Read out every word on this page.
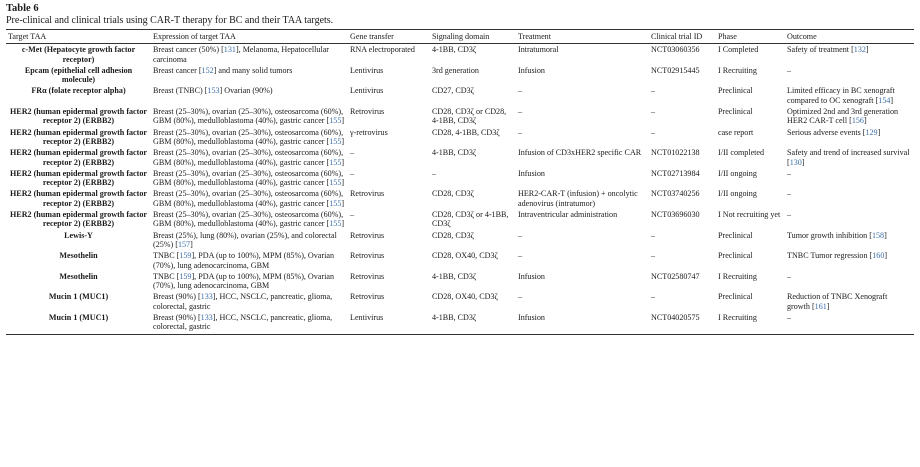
Table 6
Pre-clinical and clinical trials using CAR-T therapy for BC and their TAA targets.
Target TAA	Expression of target TAA	Gene transfer	Signaling domain	Treatment	Clinical trial ID	Phase	Outcome
c-Met (Hepatocyte growth factor receptor)	Breast cancer (50%) [131], Melanoma, Hepatocellular carcinoma	RNA electroporated	4-1BB, CD3ζ	Intratumoral	NCT03060356	I Completed	Safety of treatment [132]
Epcam (epithelial cell adhesion molecule)	Breast cancer [152] and many solid tumors	Lentivirus	3rd generation	Infusion	NCT02915445	I Recruiting	–
FRα (folate receptor alpha)	Breast (TNBC) [153] Ovarian (90%)	Lentivirus	CD27, CD3ζ	–	–	Preclinical	Limited efficacy in BC xenograft compared to OC xenograft [154]
HER2 (human epidermal growth factor receptor 2) (ERBB2)	Breast (25–30%), ovarian (25–30%), osteosarcoma (60%), GBM (80%), medulloblastoma (40%), gastric cancer [155]	Retrovirus	CD28, CD3ζ or CD28, 4-1BB, CD3ζ	–	–	Preclinical	Optimized 2nd and 3rd generation HER2 CAR-T cell [156]
HER2 (human epidermal growth factor receptor 2) (ERBB2)	Breast (25–30%), ovarian (25–30%), osteosarcoma (60%), GBM (80%), medulloblastoma (40%), gastric cancer [155]	γ-retrovirus	CD28, 4-1BB, CD3ζ	–	–	case report	Serious adverse events [129]
HER2 (human epidermal growth factor receptor 2) (ERBB2)	Breast (25–30%), ovarian (25–30%), osteosarcoma (60%), GBM (80%), medulloblastoma (40%), gastric cancer [155]	–	4-1BB, CD3ζ	Infusion of CD3xHER2 specific CAR	NCT01022138	I/II completed	Safety and trend of increased survival [130]
HER2 (human epidermal growth factor receptor 2) (ERBB2)	Breast (25–30%), ovarian (25–30%), osteosarcoma (60%), GBM (80%), medulloblastoma (40%), gastric cancer [155]	–	–	Infusion	NCT02713984	I/II ongoing	–
HER2 (human epidermal growth factor receptor 2) (ERBB2)	Breast (25–30%), ovarian (25–30%), osteosarcoma (60%), GBM (80%), medulloblastoma (40%), gastric cancer [155]	Retrovirus	CD28, CD3ζ	HER2-CAR-T (infusion) + oncolytic adenovirus (intratumor)	NCT03740256	I/II ongoing	–
HER2 (human epidermal growth factor receptor 2) (ERBB2)	Breast (25–30%), ovarian (25–30%), osteosarcoma (60%), GBM (80%), medulloblastoma (40%), gastric cancer [155]	–	CD28, CD3ζ or 4-1BB, CD3ζ	Intraventricular administration	NCT03696030	I Not recruiting yet	–
Lewis-Y	Breast (25%), lung (80%), ovarian (25%), and colorectal (25%) [157]	Retrovirus	CD28, CD3ζ	–	–	Preclinical	Tumor growth inhibition [158]
Mesothelin	TNBC [159], PDA (up to 100%), MPM (85%), Ovarian (70%), lung adenocarcinoma, GBM	Retrovirus	CD28, OX40, CD3ζ	–	–	Preclinical	TNBC Tumor regression [160]
Mesothelin	TNBC [159], PDA (up to 100%), MPM (85%), Ovarian (70%), lung adenocarcinoma, GBM	Retrovirus	4-1BB, CD3ζ	Infusion	NCT02580747	I Recruiting	–
Mucin 1 (MUC1)	Breast (90%) [133], HCC, NSCLC, pancreatic, glioma, colorectal, gastric	Retrovirus	CD28, OX40, CD3ζ	–	–	Preclinical	Reduction of TNBC Xenograft growth [161]
Mucin 1 (MUC1)	Breast (90%) [133], HCC, NSCLC, pancreatic, glioma, colorectal, gastric	Lentivirus	4-1BB, CD3ζ	Infusion	NCT04020575	I Recruiting	–
